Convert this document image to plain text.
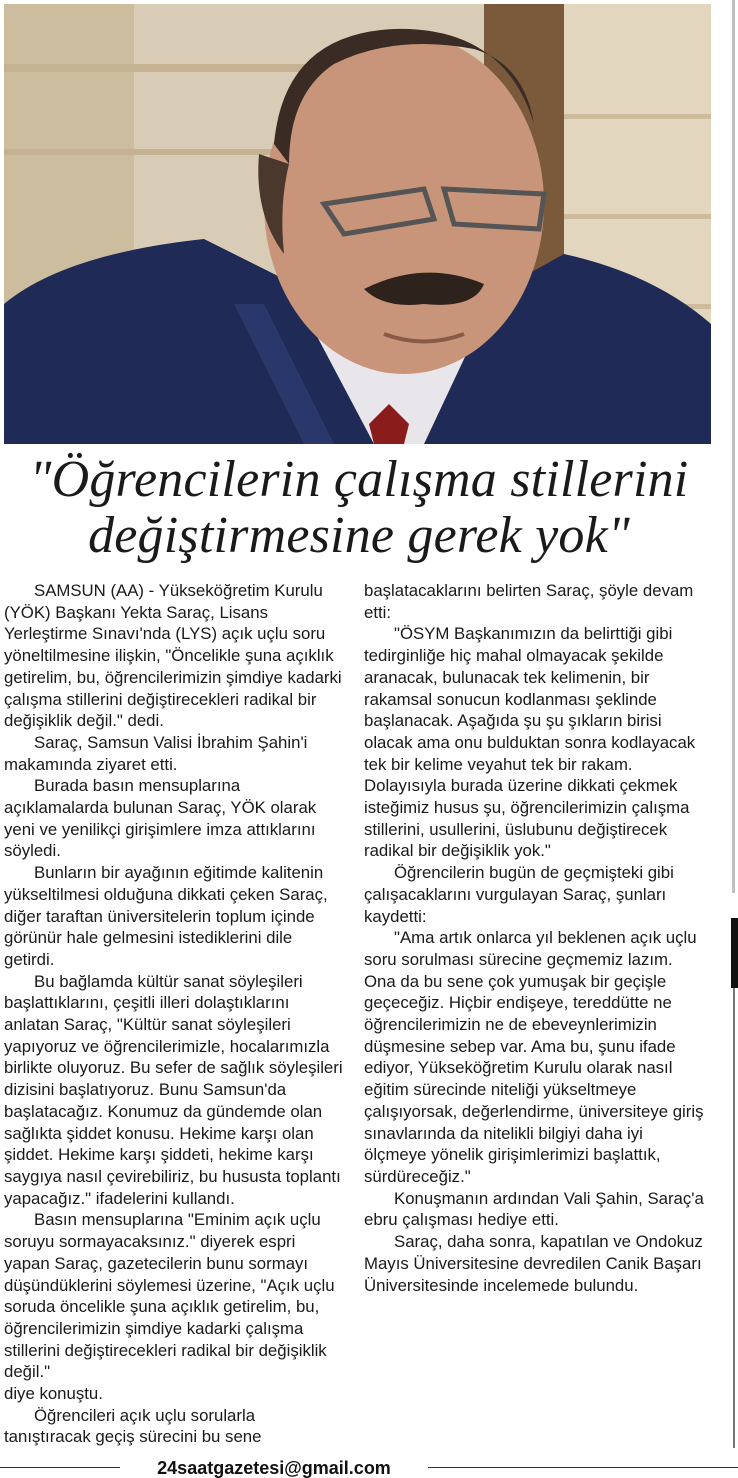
"Öğrencilerin çalışma stillerini
değiştirmesine gerek yok"

SAMSUN (AA) - Yükseköğretim Kurulu (YÖK) Başkanı Yekta Saraç, Lisans Yerleştirme Sınavı'nda (LYS) açık uçlu soru yöneltilmesine ilişkin, "Öncelikle şuna açıklık getirelim, bu, öğrencilerimizin şimdiye kadarki çalışma stillerini değiştirecekleri radikal bir değişiklik değil." dedi.

Saraç, Samsun Valisi İbrahim Şahin'i makamında ziyaret etti.

Burada basın mensuplarına açıklamalarda bulunan Saraç, YÖK olarak yeni ve yenilikçi girişimlere imza attıklarını söyledi.

Bunların bir ayağının eğitimde kalitenin yükseltilmesi olduğuna dikkati çeken Saraç, diğer taraftan üniversitelerin toplum içinde görünür hale gelmesini istediklerini dile getirdi.

Bu bağlamda kültür sanat söyleşileri başlattıklarını, çeşitli illeri dolaştıklarını anlatan Saraç, "Kültür sanat söyleşileri yapıyoruz ve öğrencilerimizle, hocalarımızla birlikte oluyoruz. Bu sefer de sağlık söyleşileri dizisini başlatıyoruz. Bunu Samsun'da başlatacağız. Konumuz da gündemde olan sağlıkta şiddet konusu. Hekime karşı olan şiddet. Hekime karşı şiddeti, hekime karşı saygıya nasıl çevirebiliriz, bu hususta toplantı yapacağız." ifadelerini kullandı.

Basın mensuplarına "Eminim açık uçlu soruyu sormayacaksınız." diyerek espri yapan Saraç, gazetecilerin bunu sormayı düşündüklerini söylemesi üzerine, "Açık uçlu soruda öncelikle şuna açıklık getirelim, bu, öğrencilerimizin şimdiye kadarki çalışma stillerini değiştirecekleri radikal bir değişiklik değil."

diye konuştu.

Öğrencileri açık uçlu sorularla tanıştıracak geçiş sürecini bu sene başlatacaklarını belirten Saraç, şöyle devam etti:

"ÖSYM Başkanımızın da belirttiği gibi tedirginliğe hiç mahal olmayacak şekilde aranacak, bulunacak tek kelimenin, bir rakamsal sonucun kodlanması şeklinde başlanacak. Aşağıda şu şu şıkların birisi olacak ama onu bulduktan sonra kodlayacak tek bir kelime veyahut tek bir rakam. Dolayısıyla burada üzerine dikkati çekmek isteğimiz husus şu, öğrencilerimizin çalışma stillerini, usullerini, üslubunu değiştirecek radikal bir değişiklik yok."

Öğrencilerin bugün de geçmişteki gibi çalışacaklarını vurgulayan Saraç, şunları kaydetti:

"Ama artık onlarca yıl beklenen açık uçlu soru sorulması sürecine geçmemiz lazım. Ona da bu sene çok yumuşak bir geçişle geçeceğiz. Hiçbir endişeye, tereddütte ne öğrencilerimizin ne de ebeveynlerimizin düşmesine sebep var. Ama bu, şunu ifade ediyor, Yükseköğretim Kurulu olarak nasıl eğitim sürecinde niteliği yükseltmeye çalışıyorsak, değerlendirme, üniversiteye giriş sınavlarında da nitelikli bilgiyi daha iyi ölçmeye yönelik girişimlerimizi başlattık, sürdüreceğiz."

Konuşmanın ardından Vali Şahin, Saraç'a ebru çalışması hediye etti.

Saraç, daha sonra, kapatılan ve Ondokuz Mayıs Üniversitesine devredilen Canik Başarı Üniversitesinde incelemede bulundu.

24saatgazetesi@gmail.com
